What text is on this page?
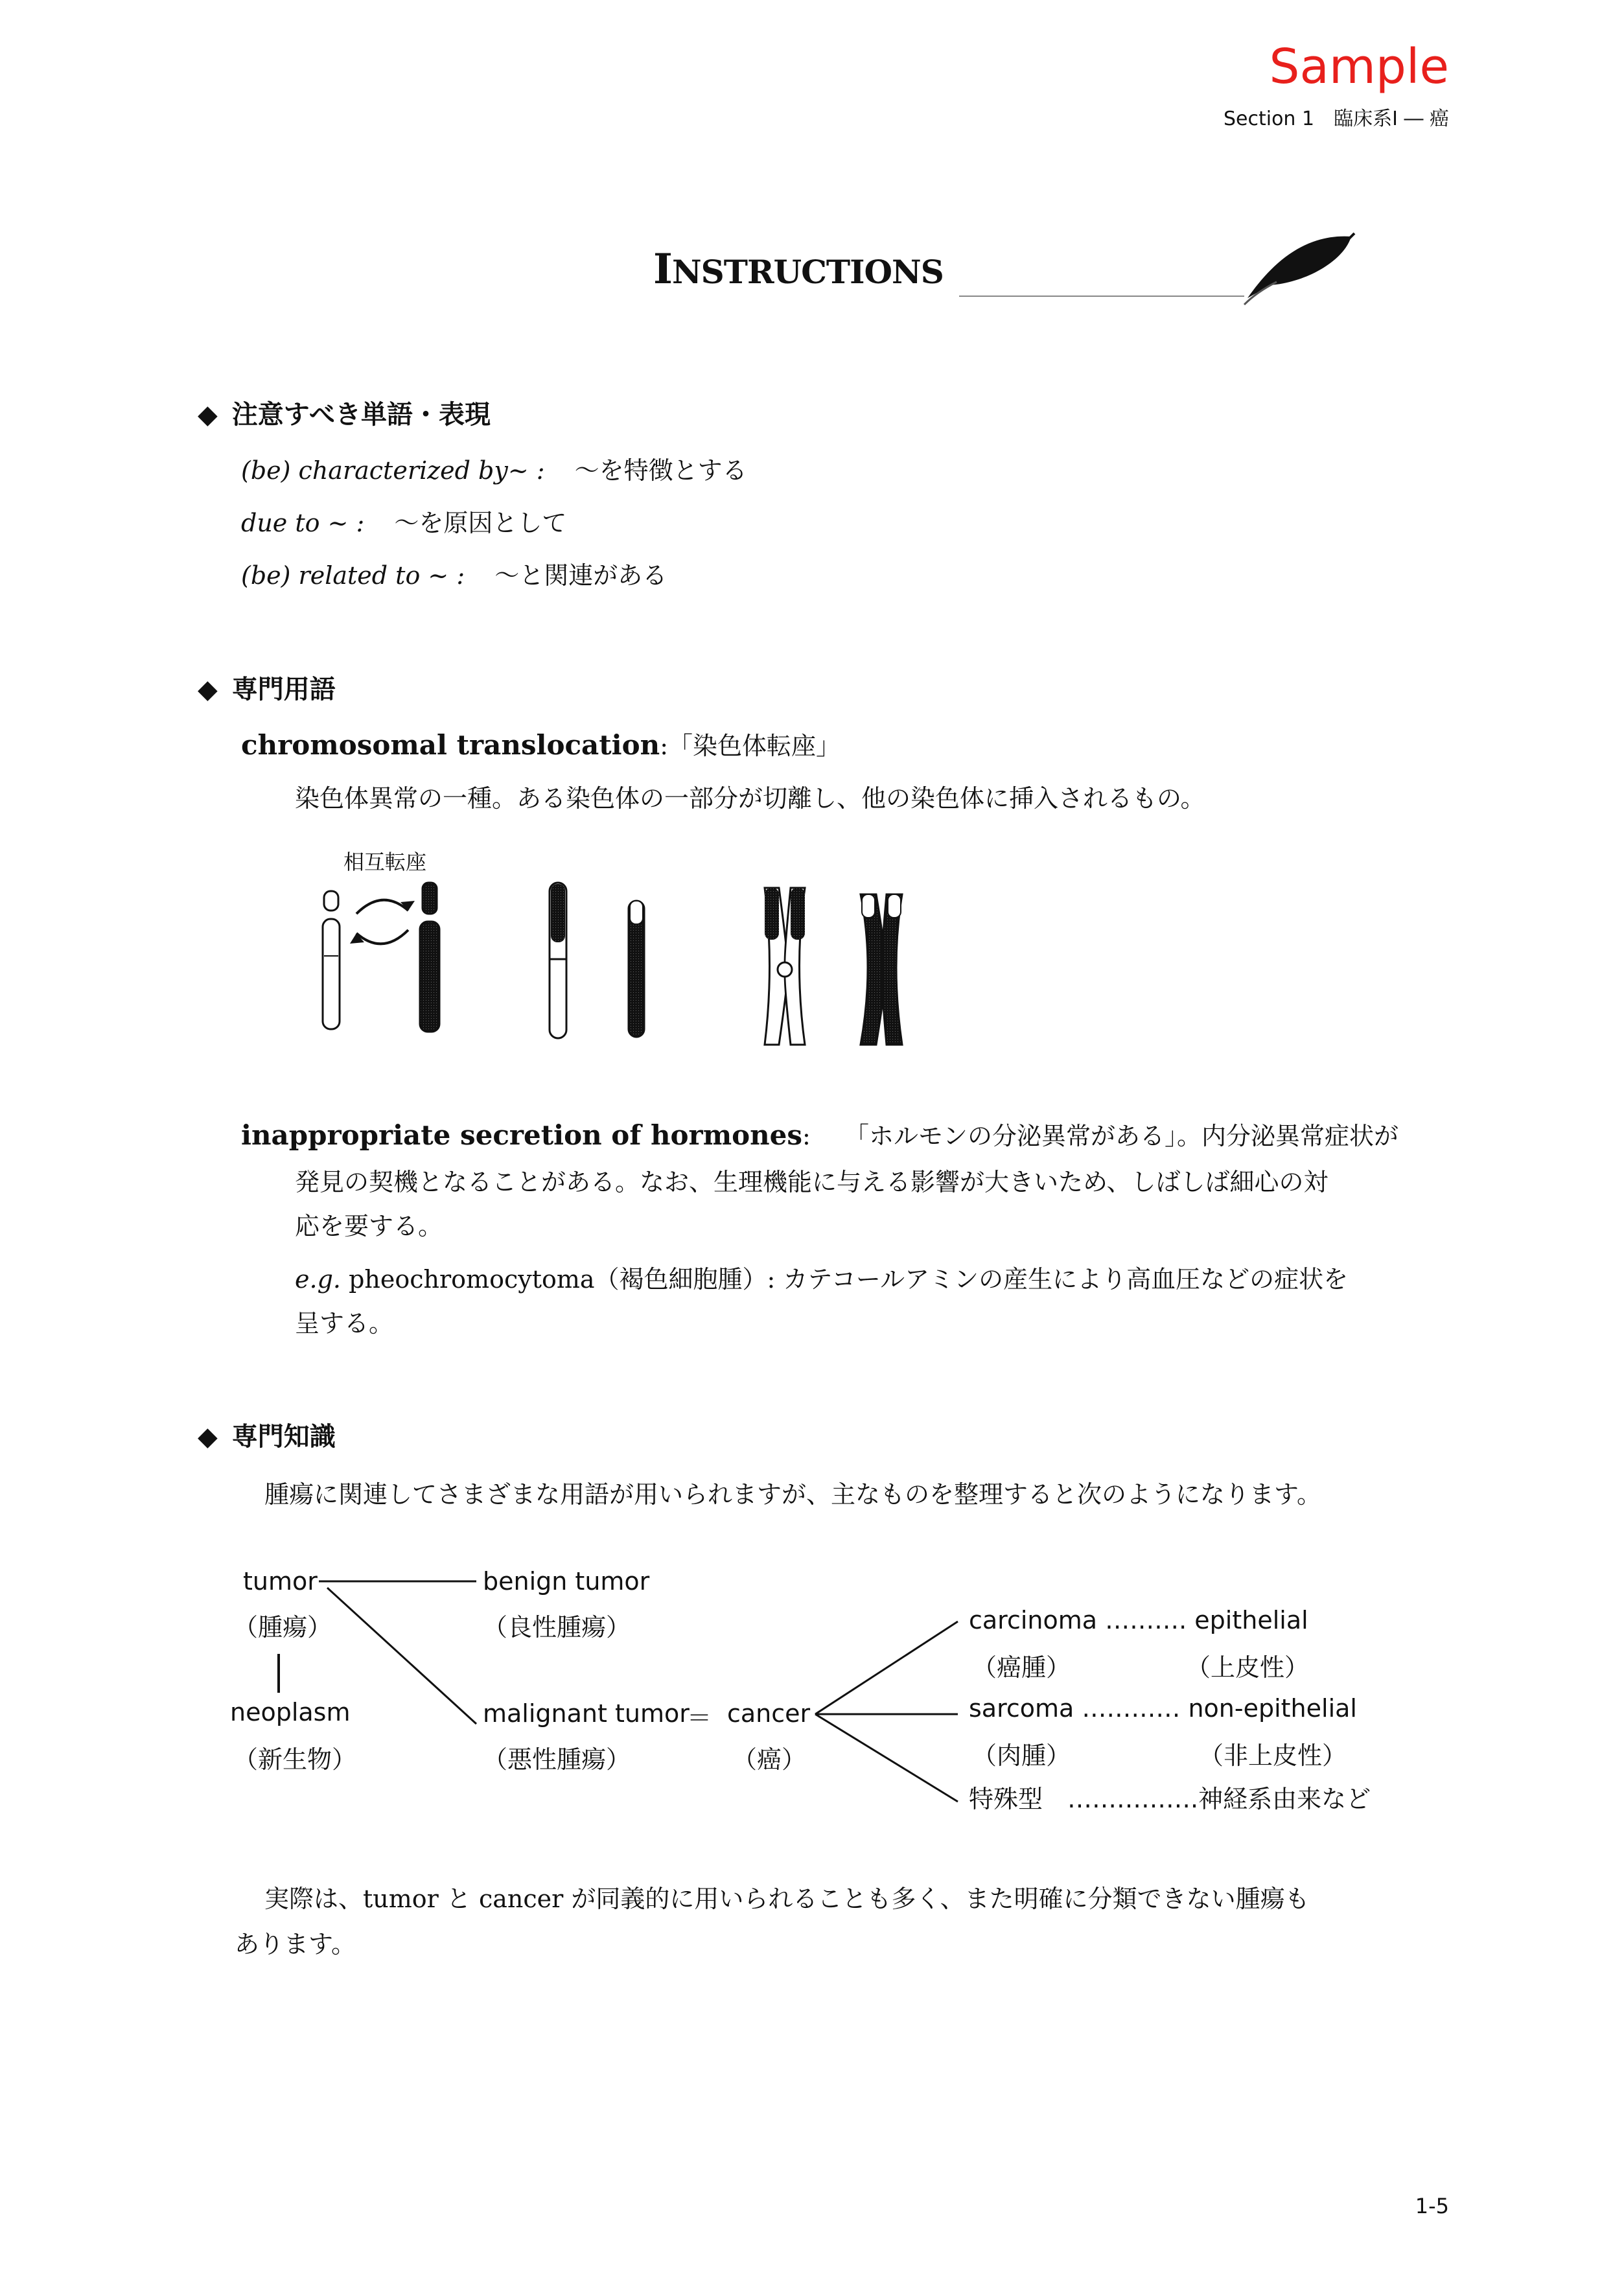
Sample
Section 1　臨床系Ⅰ ― 癌
INSTRUCTIONS
◆ 注意すべき単語・表現
(be) characterized by~ : ～を特徴とする
due to ~ : ～を原因として
(be) related to ~ : ～と関連がある
◆ 専門用語
chromosomal translocation:「染色体転座」
染色体異常の一種。ある染色体の一部分が切離し、他の染色体に挿入されるもの。
相互転座
inappropriate secretion of hormones: 「ホルモンの分泌異常がある」。内分泌異常症状が
発見の契機となることがある。なお、生理機能に与える影響が大きいため、しばしば細心の対
応を要する。
e.g. pheochromocytoma（褐色細胞腫）: カテコールアミンの産生により高血圧などの症状を
呈する。
◆ 専門知識
腫瘍に関連してさまざまな用語が用いられますが、主なものを整理すると次のようになります。
tumor
（腫瘍）
neoplasm
（新生物）
benign tumor
（良性腫瘍）
malignant tumor
（悪性腫瘍）
＝ cancer
（癌）
carcinoma ………. epithelial
（癌腫）	（上皮性）
sarcoma ………… non-epithelial
（肉腫）	（非上皮性）
特殊型　…………….神経系由来など
実際は、tumor と cancer が同義的に用いられることも多く、また明確に分類できない腫瘍も
あります。
1-5
